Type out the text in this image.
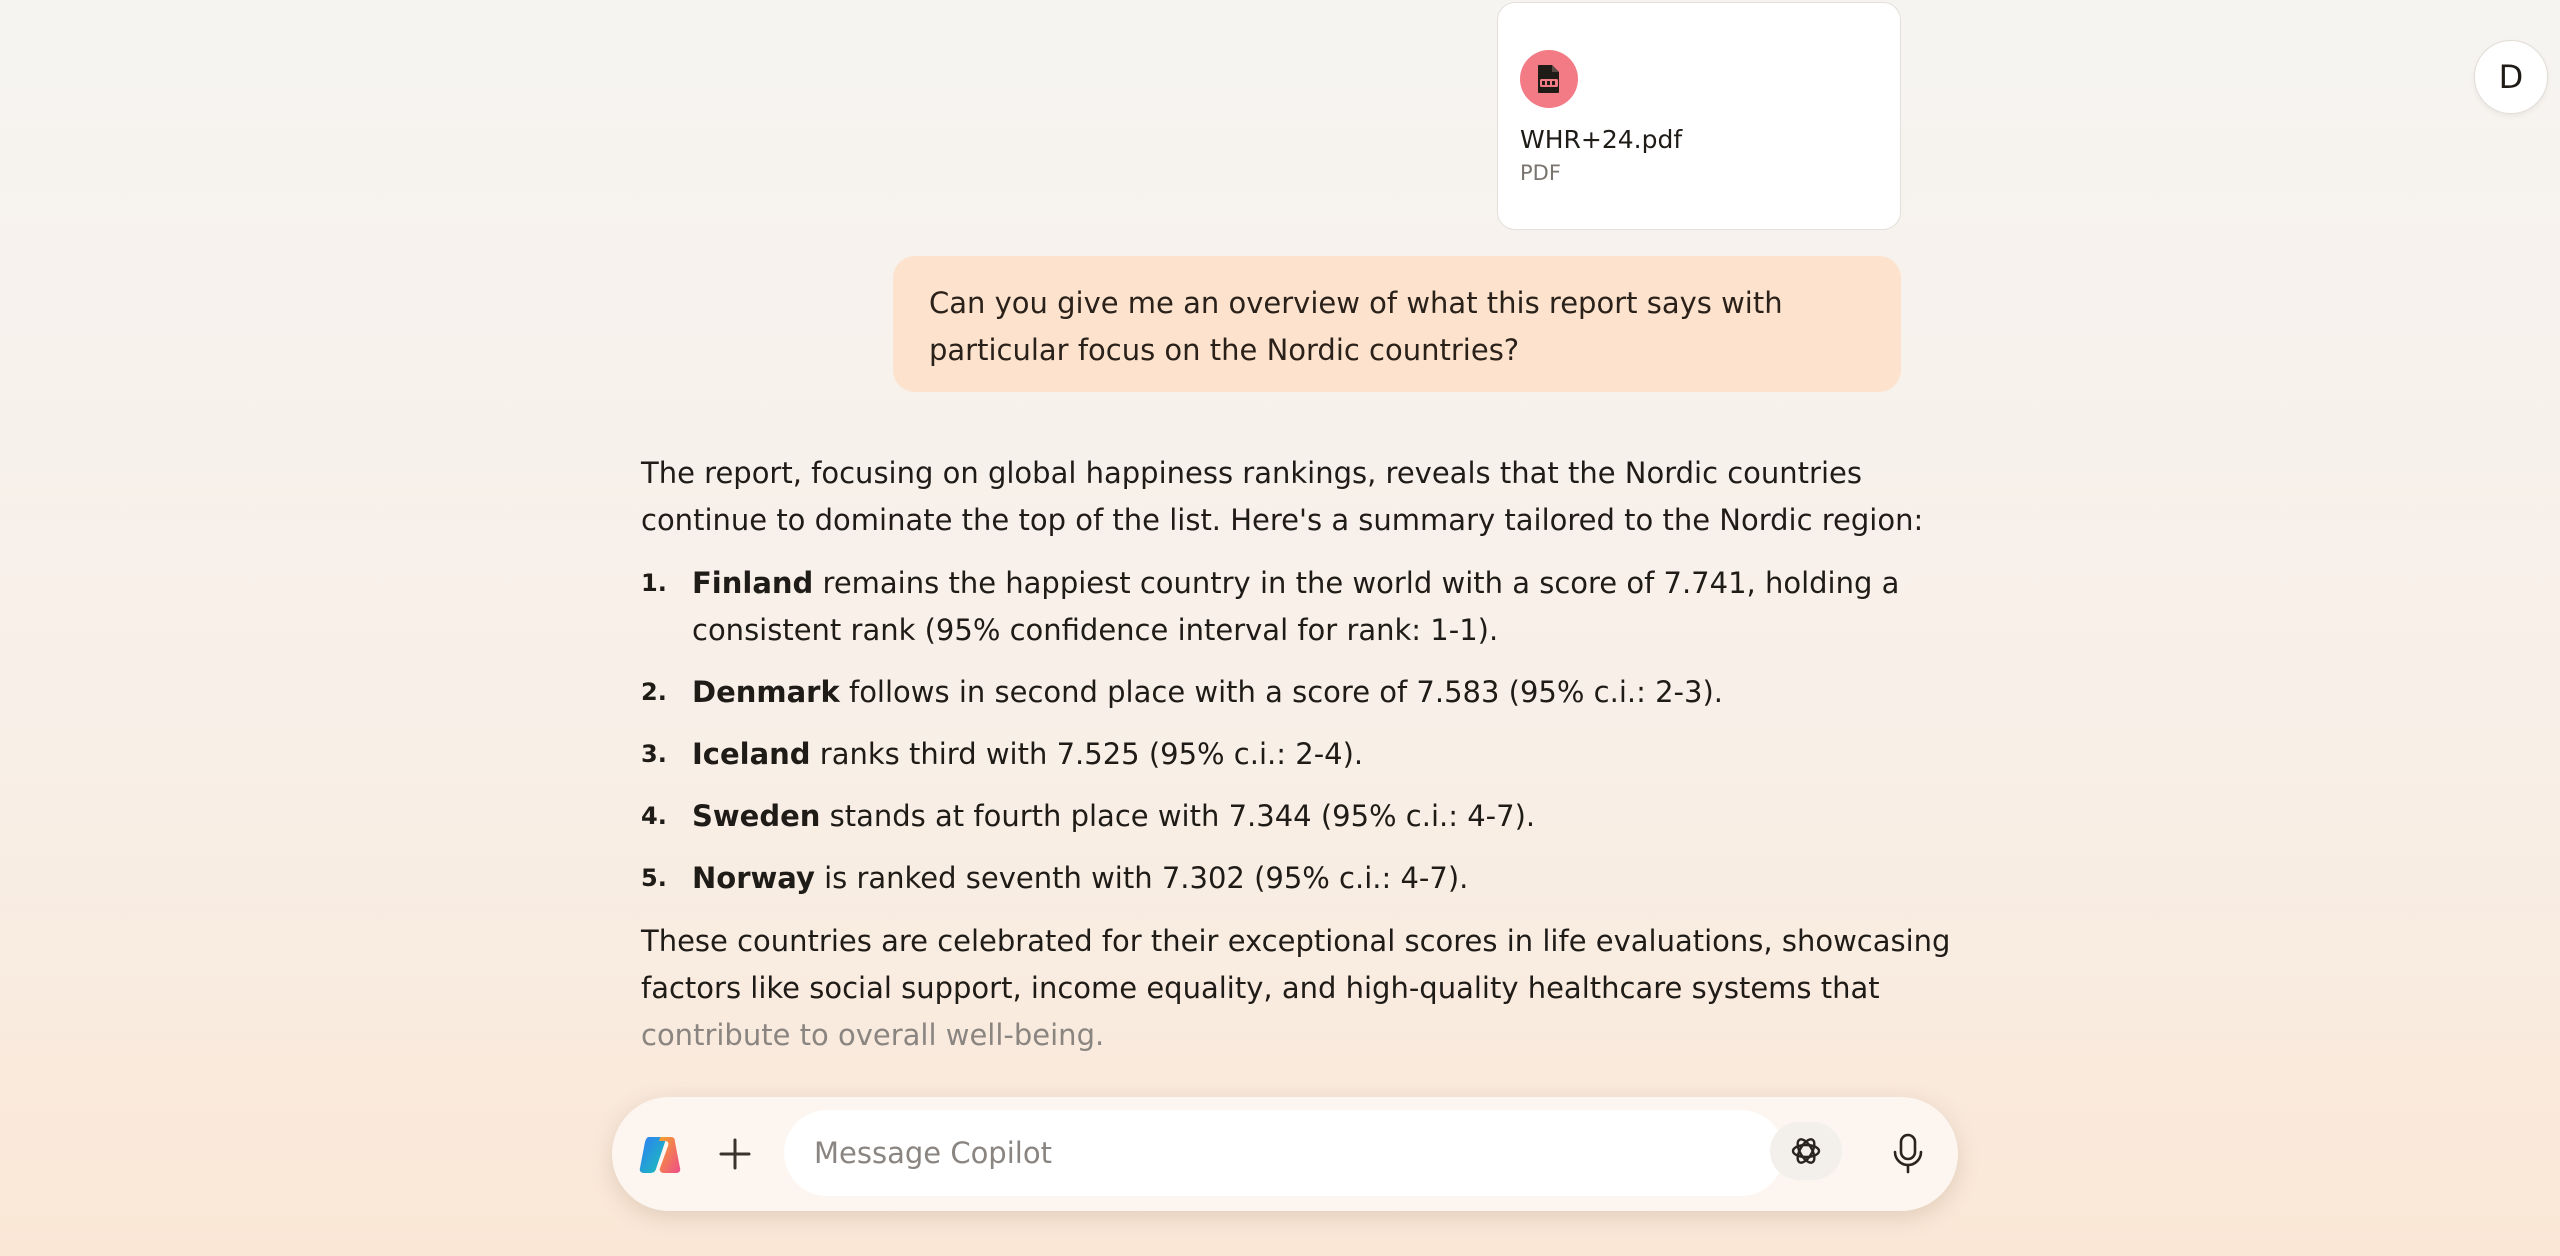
D
WHR+24.pdf
PDF
Can you give me an overview of what this report says with particular focus on the Nordic countries?

The report, focusing on global happiness rankings, reveals that the Nordic countries

continue to dominate the top of the list. Here's a summary tailored to the Nordic region:

1. Finland remains the happiest country in the world with a score of 7.741, holding a
consistent rank (95% confidence interval for rank: 1-1).
2. Denmark follows in second place with a score of 7.583 (95% c.i.: 2-3).
3. Iceland ranks third with 7.525 (95% c.i.: 2-4).
4. Sweden stands at fourth place with 7.344 (95% c.i.: 4-7).
5. Norway is ranked seventh with 7.302 (95% c.i.: 4-7).

These countries are celebrated for their exceptional scores in life evaluations, showcasing

factors like social support, income equality, and high-quality healthcare systems that

contribute to overall well-being.

Message Copilot
